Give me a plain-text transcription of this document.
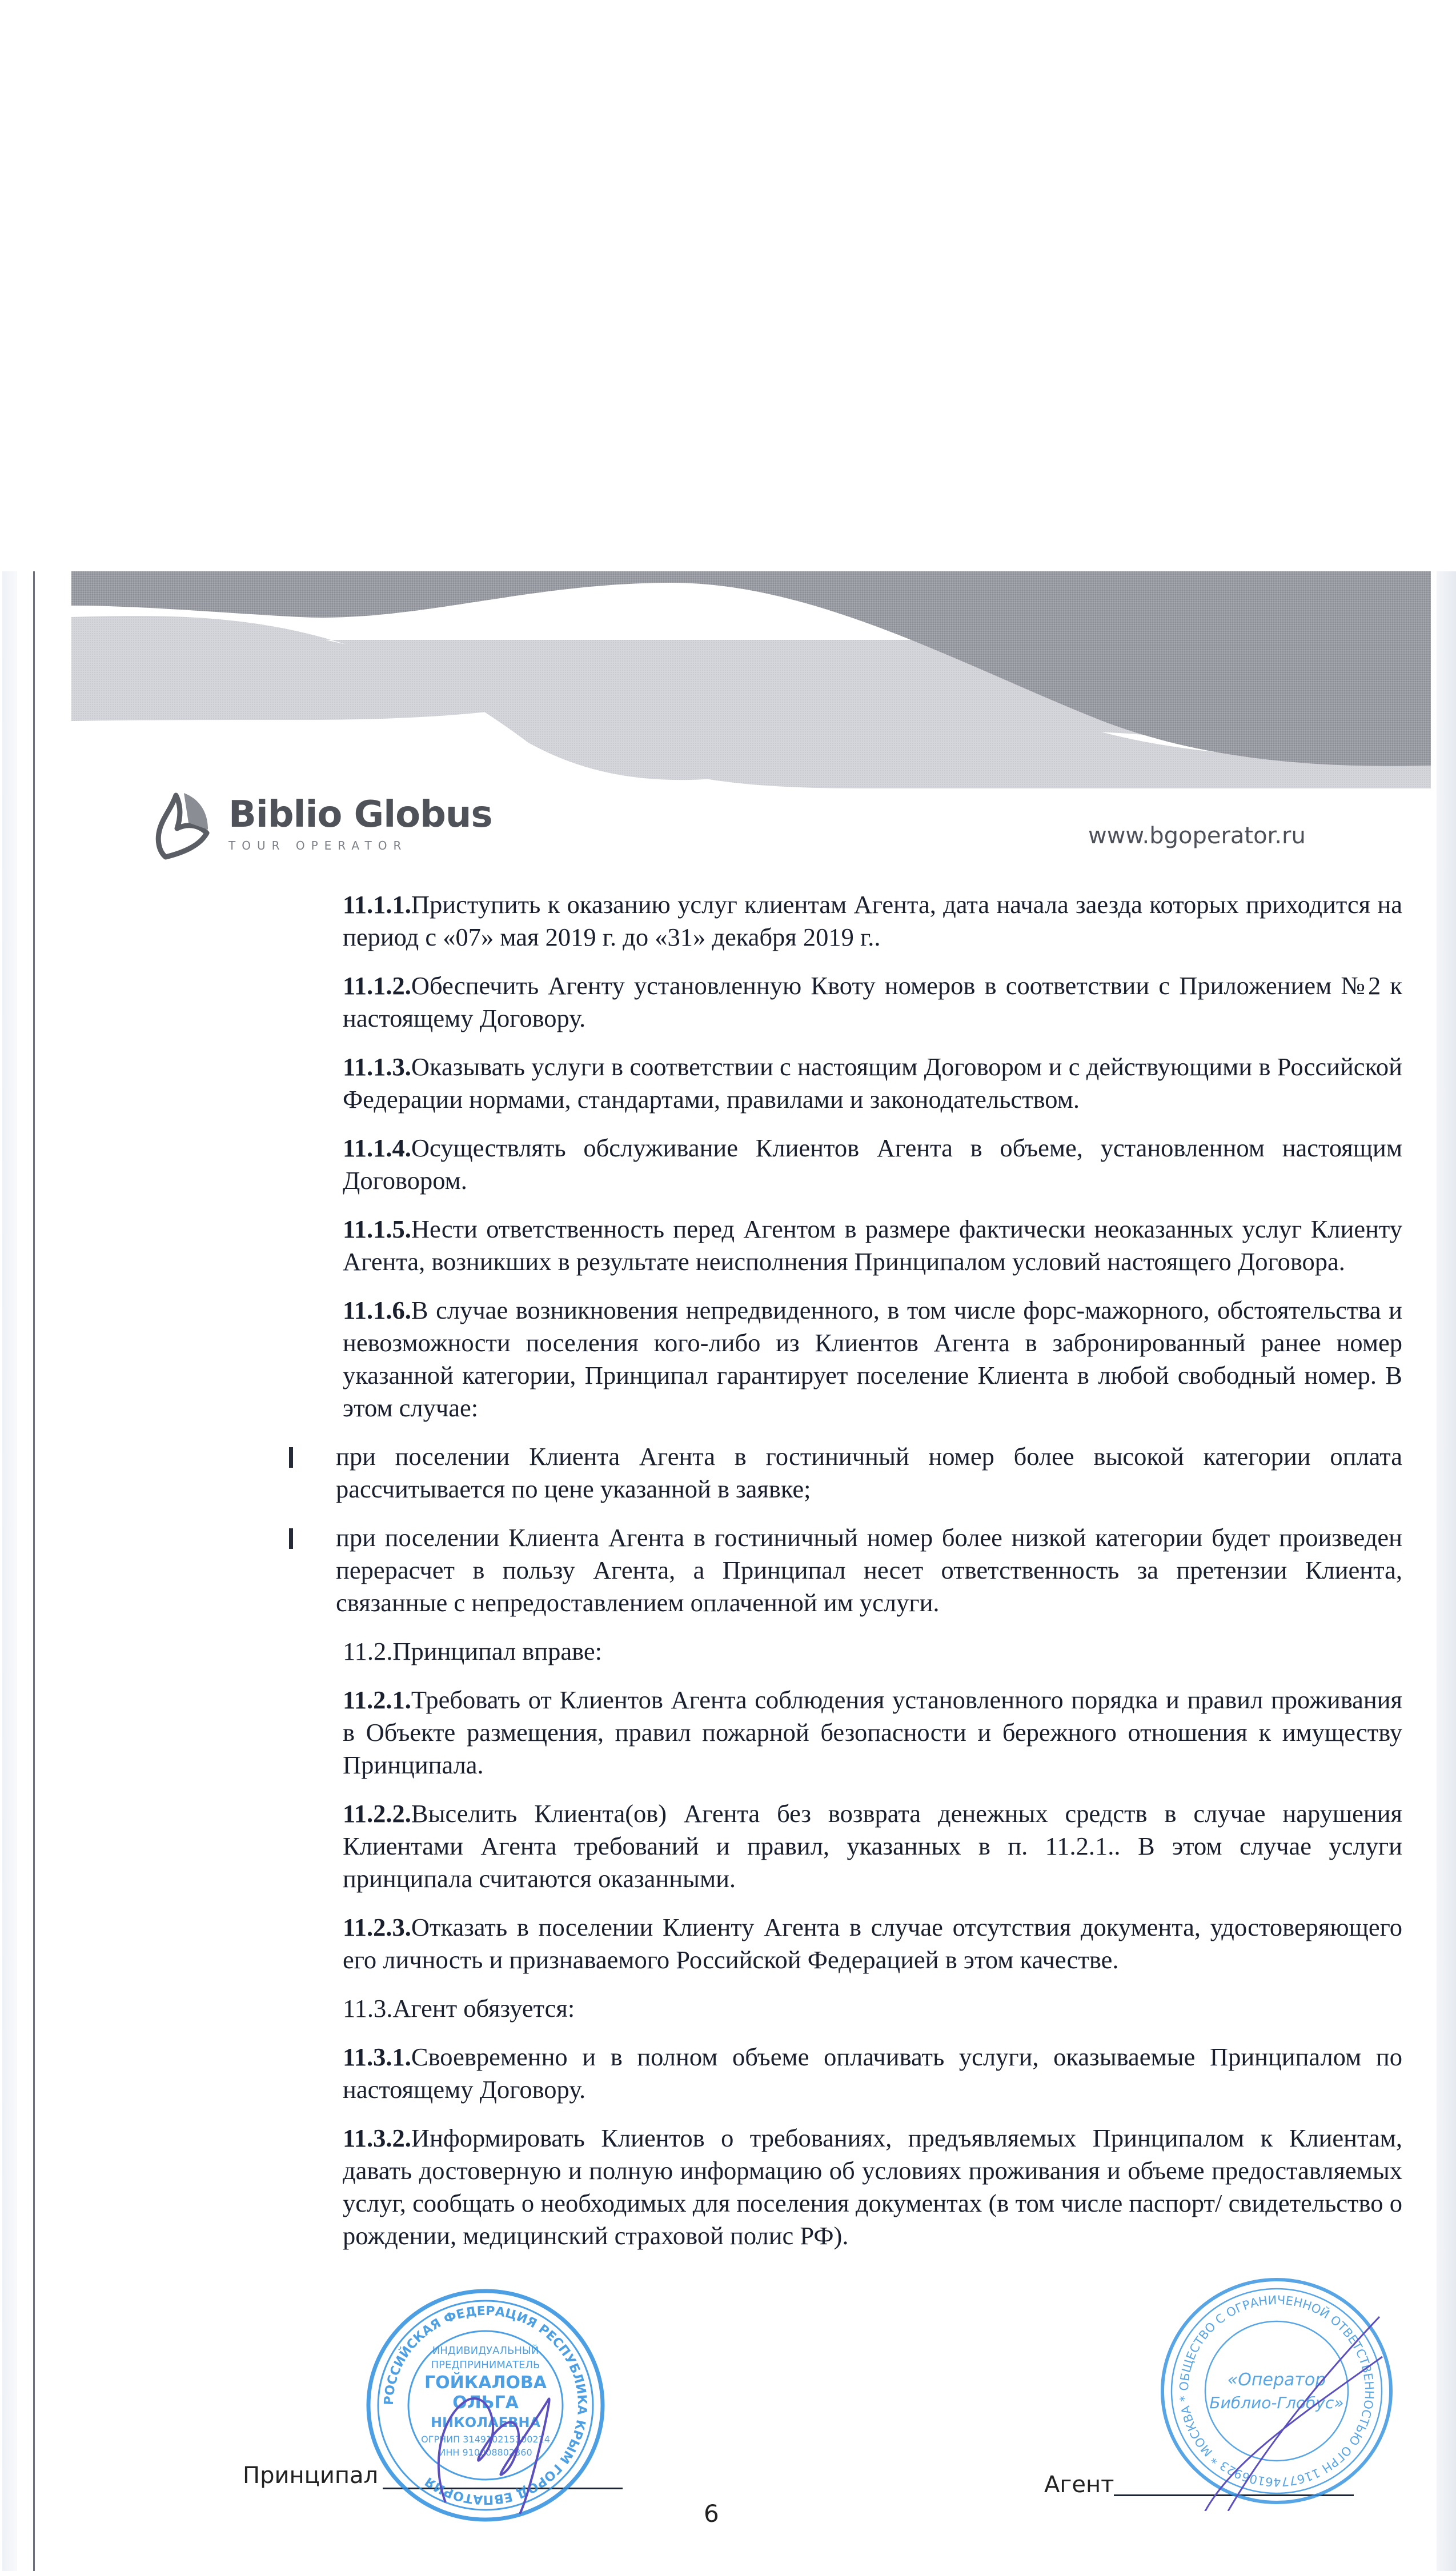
Biblio Globus
TOUR OPERATOR	www.bgoperator.ru

11.1.1.Приступить к оказанию услуг клиентам Агента, дата начала заезда которых приходится на период с «07» мая 2019 г. до «31» декабря 2019 г..

11.1.2.Обеспечить Агенту установленную Квоту номеров в соответствии с Приложением №2 к настоящему Договору.

11.1.3.Оказывать услуги в соответствии с настоящим Договором и с действующими в Российской Федерации нормами, стандартами, правилами и законодательством.

11.1.4.Осуществлять обслуживание Клиентов Агента в объеме, установленном настоящим Договором.

11.1.5.Нести ответственность перед Агентом в размере фактически неоказанных услуг Клиенту Агента, возникших в результате неисполнения Принципалом условий настоящего Договора.

11.1.6.В случае возникновения непредвиденного, в том числе форс-мажорного, обстоятельства и невозможности поселения кого-либо из Клиентов Агента в забронированный ранее номер указанной категории, Принципал гарантирует поселение Клиента в любой свободный номер. В этом случае:

при поселении Клиента Агента в гостиничный номер более высокой категории оплата рассчитывается по цене указанной в заявке;

при поселении Клиента Агента в гостиничный номер более низкой категории будет произведен перерасчет в пользу Агента, а Принципал несет ответственность за претензии Клиента, связанные с непредоставлением оплаченной им услуги.

11.2.Принципал вправе:

11.2.1.Требовать от Клиентов Агента соблюдения установленного порядка и правил проживания в Объекте размещения, правил пожарной безопасности и бережного отношения к имуществу Принципала.

11.2.2.Выселить Клиента(ов) Агента без возврата денежных средств в случае нарушения Клиентами Агента требований и правил, указанных в п. 11.2.1.. В этом случае услуги принципала считаются оказанными.

11.2.3.Отказать в поселении Клиенту Агента в случае отсутствия документа, удостоверяющего его личность и признаваемого Российской Федерацией в этом качестве.

11.3.Агент обязуется:

11.3.1.Своевременно и в полном объеме оплачивать услуги, оказываемые Принципалом по настоящему Договору.

11.3.2.Информировать Клиентов о требованиях, предъявляемых Принципалом к Клиентам, давать достоверную и полную информацию об условиях проживания и объеме предоставляемых услуг, сообщать о необходимых для поселения документах (в том числе паспорт/ свидетельство о рождении, медицинский страховой полис РФ).

Принципал	Агент
6
РОССИЙСКАЯ ФЕДЕРАЦИЯ РЕСПУБЛИКА КРЫМ ГОРОД ЕВПАТОРИЯ
ИНДИВИДУАЛЬНЫЙ
ПРЕДПРИНИМАТЕЛЬ
ГОЙКАЛОВА
ОЛЬГА
НИКОЛАЕВНА
ОГРНИП 314910215300214
ИНН 910008802360
ОБЩЕСТВО С ОГРАНИЧЕННОЙ ОТВЕТСТВЕННОСТЬЮ ОГРН 1167746106923 * МОСКВА *
«Оператор
Библио-Глобус»
